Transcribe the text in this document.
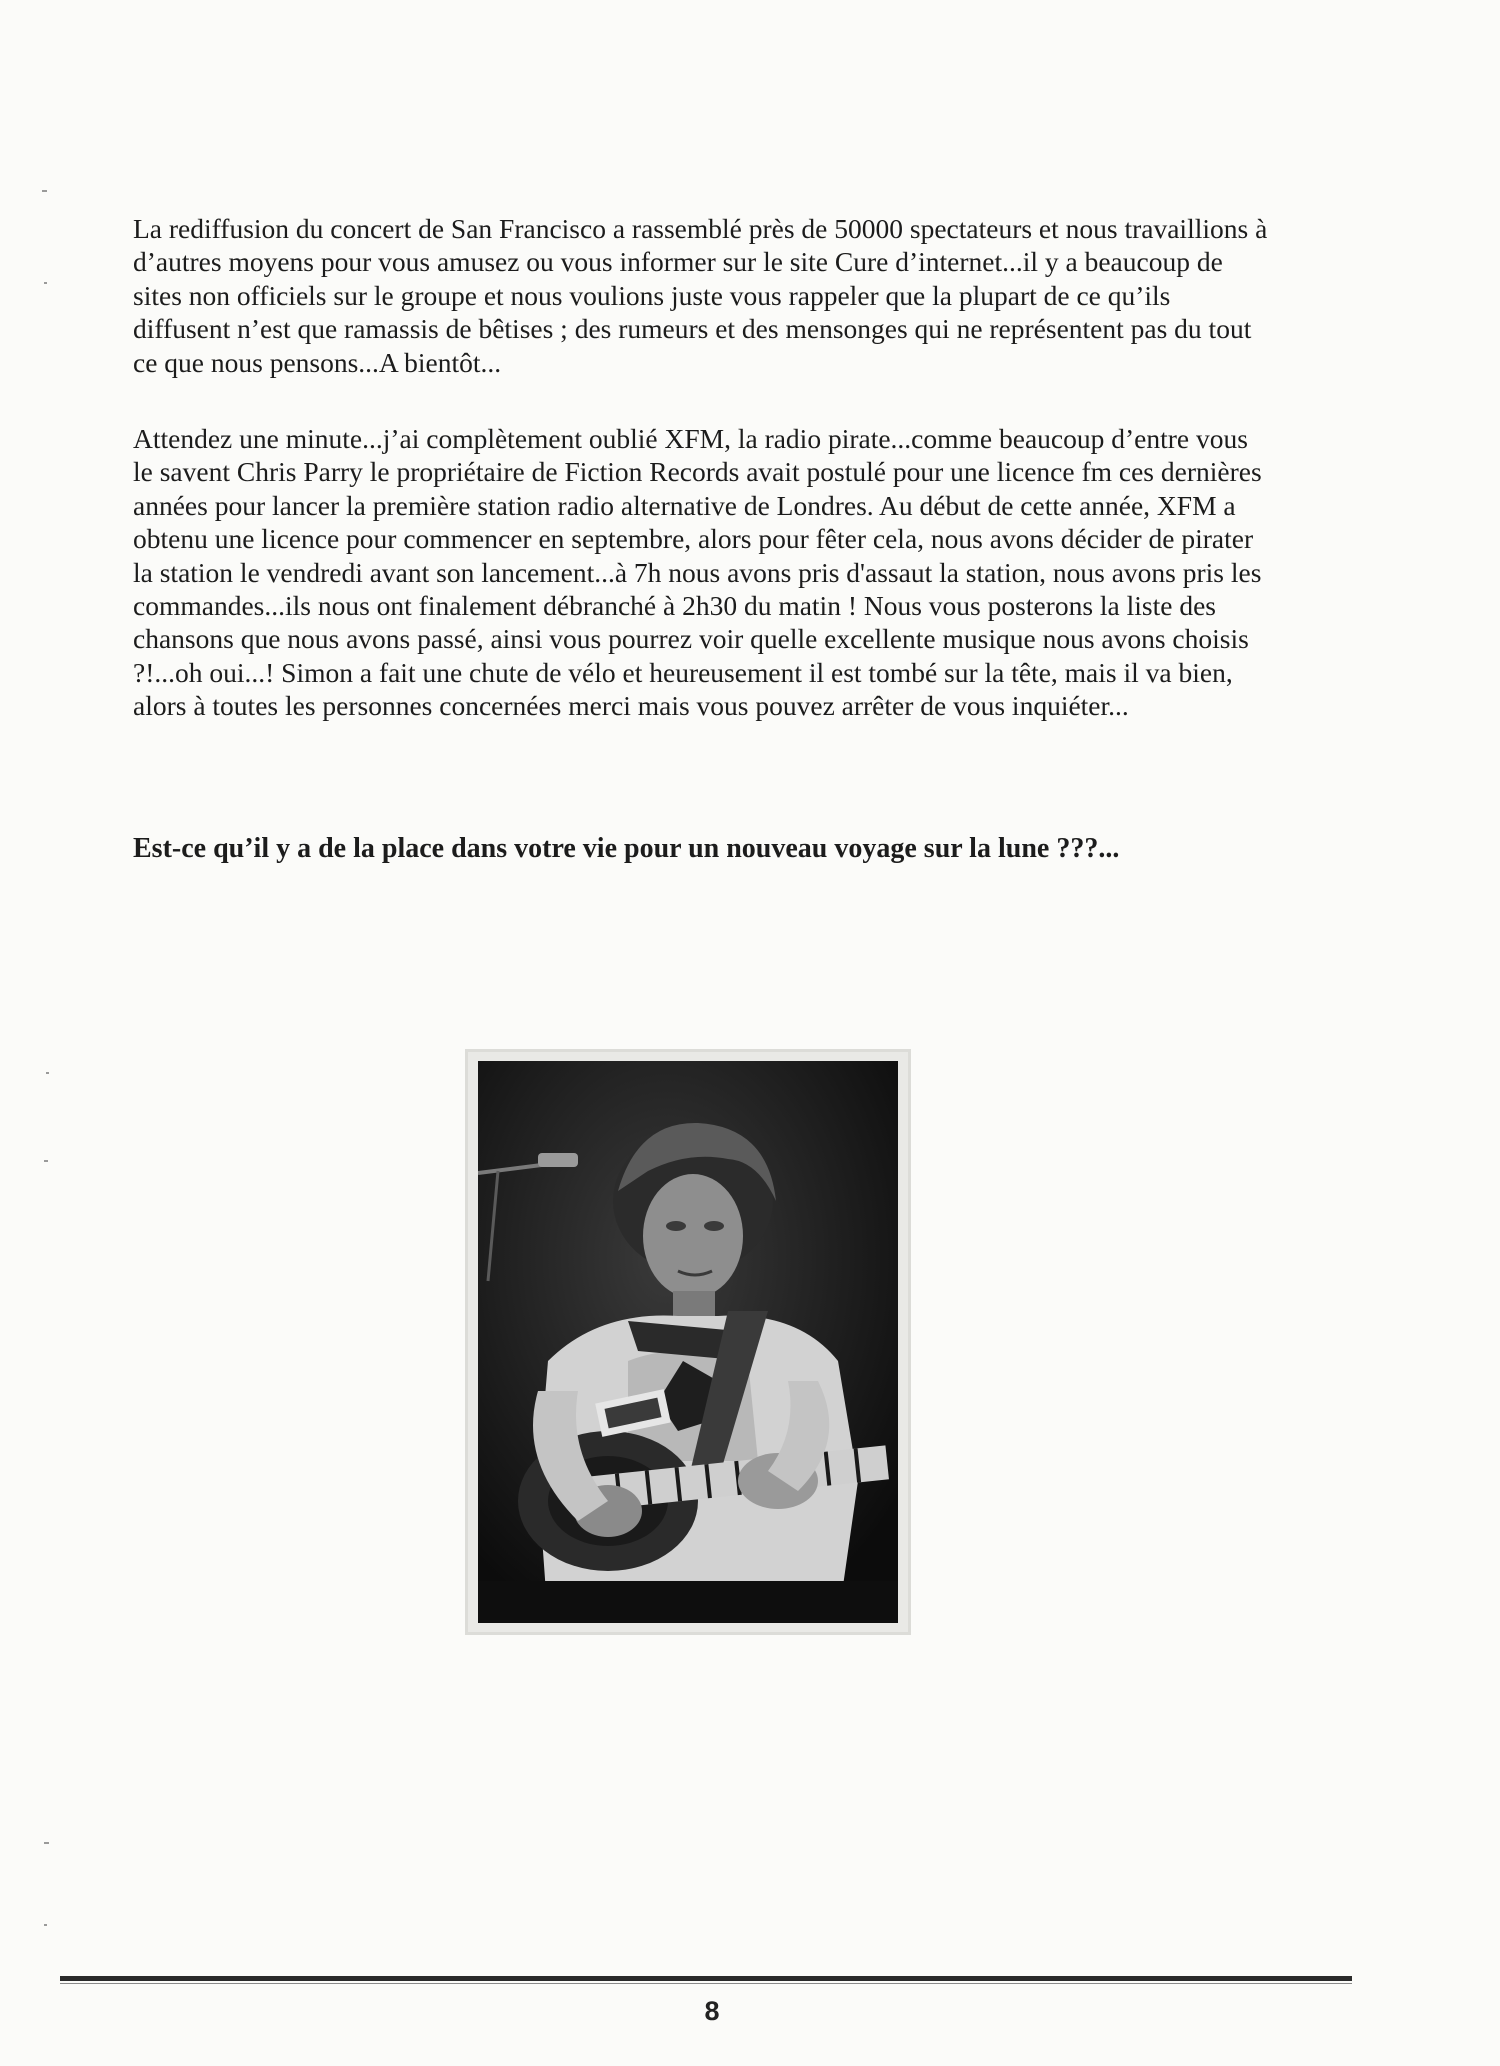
La rediffusion du concert de San Francisco a rassemblé près de 50000 spectateurs et nous travaillions à d’autres moyens pour vous amusez ou vous informer sur le site Cure d’internet...il y a beaucoup de sites non officiels sur le groupe et nous voulions juste vous rappeler que la plupart de ce qu’ils diffusent n’est que ramassis de bêtises ; des rumeurs et des mensonges qui ne représentent pas du tout ce que nous pensons...A bientôt...

Attendez une minute...j’ai complètement oublié XFM, la radio pirate...comme beaucoup d’entre vous le savent Chris Parry le propriétaire de Fiction Records avait postulé pour une licence fm ces dernières années pour lancer la première station radio alternative de Londres. Au début de cette année, XFM a obtenu une licence pour commencer en septembre, alors pour fêter cela, nous avons décider de pirater la station le vendredi avant son lancement...à 7h nous avons pris d'assaut la station, nous avons pris les commandes...ils nous ont finalement débranché à 2h30 du matin ! Nous vous posterons la liste des chansons que nous avons passé, ainsi vous pourrez voir quelle excellente musique nous avons choisis ?!...oh oui...! Simon a fait une chute de vélo et heureusement il est tombé sur la tête, mais il va bien, alors à toutes les personnes concernées merci mais vous pouvez arrêter de vous inquiéter...

Est-ce qu’il y a de la place dans votre vie pour un nouveau voyage sur la lune ???...

8
